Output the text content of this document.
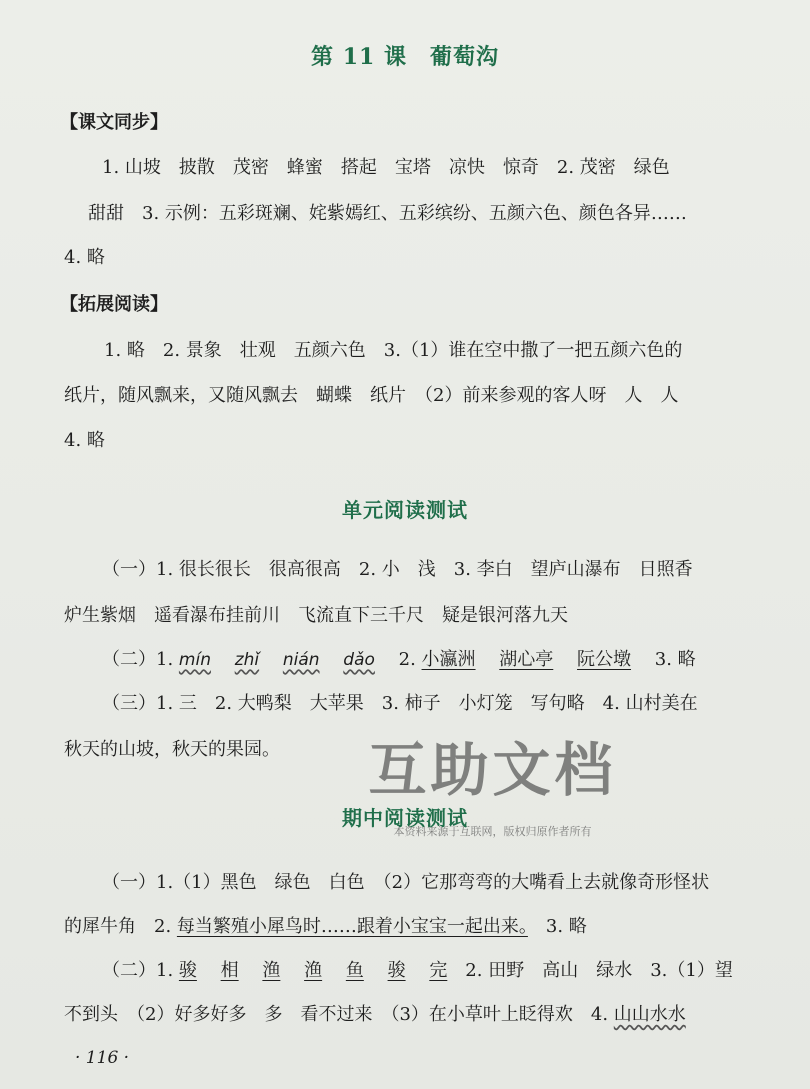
第 11 课　葡萄沟
【课文同步】
1. 山坡　披散　茂密　蜂蜜　搭起　宝塔　凉快　惊奇　2. 茂密　绿色
甜甜　3. 示例：五彩斑斓、姹紫嫣红、五彩缤纷、五颜六色、颜色各异……
4. 略
【拓展阅读】
1. 略　2. 景象　壮观　五颜六色　3.（1）谁在空中撒了一把五颜六色的
纸片，随风飘来，又随风飘去　蝴蝶　纸片　（2）前来参观的客人呀　人　人
4. 略
单元阅读测试
（一）1. 很长很长　很高很高　2. 小　浅　3. 李白　望庐山瀑布　日照香
炉生紫烟　遥看瀑布挂前川　飞流直下三千尺　疑是银河落九天
（二）1. mín　 zhǐ　 nián　 dǎo 　2. 小瀛洲　 湖心亭　 阮公墩 　3. 略
（三）1. 三　2. 大鸭梨　大苹果　3. 柿子　小灯笼　写句略　4. 山村美在
秋天的山坡，秋天的果园。	互助文档
本资料来源于互联网，版权归原作者所有
期中阅读测试
（一）1.（1）黑色　绿色　白色　（2）它那弯弯的大嘴看上去就像奇形怪状
的犀牛角　2. 每当繁殖小犀鸟时……跟着小宝宝一起出来。　3. 略
（二）1. 骏　 相　 渔　 渔　 鱼　 骏　 完　2. 田野　高山　绿水　3.（1）望
不到头　（2）好多好多　多　看不过来　（3）在小草叶上眨得欢　4. 山山水水
· 116 ·
